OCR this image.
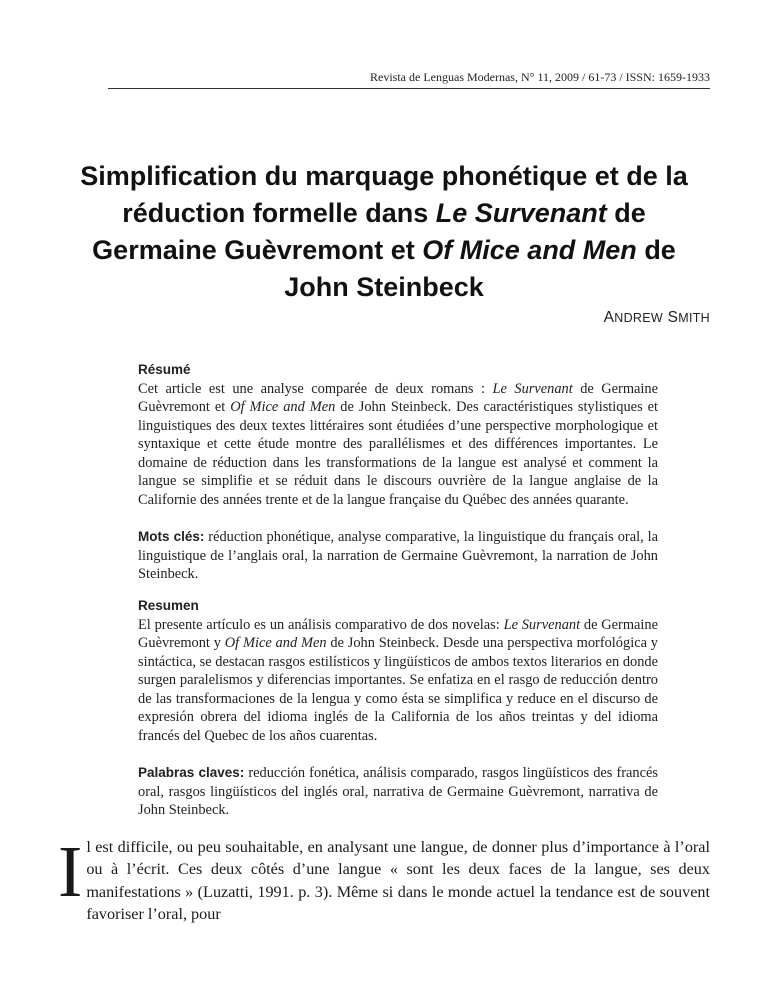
Revista de Lenguas Modernas, N° 11, 2009 / 61-73 / ISSN: 1659-1933
Simplification du marquage phonétique et de la réduction formelle dans Le Survenant de Germaine Guèvremont et Of Mice and Men de John Steinbeck
ANDREW SMITH
Résumé
Cet article est une analyse comparée de deux romans : Le Survenant de Germaine Guèvremont et Of Mice and Men de John Steinbeck. Des caractéristiques stylistiques et linguistiques des deux textes littéraires sont étudiées d’une perspective morphologique et syntaxique et cette étude montre des parallélismes et des différences importantes. Le domaine de réduction dans les transformations de la langue est analysé et comment la langue se simplifie et se réduit dans le discours ouvrière de la langue anglaise de la Californie des années trente et de la langue française du Québec des années quarante.
Mots clés: réduction phonétique, analyse comparative, la linguistique du français oral, la linguistique de l’anglais oral, la narration de Germaine Guèvremont, la narration de John Steinbeck.
Resumen
El presente artículo es un análisis comparativo de dos novelas: Le Survenant de Germaine Guèvremont y Of Mice and Men de John Steinbeck. Desde una perspectiva morfológica y sintáctica, se destacan rasgos estilísticos y lingüísticos de ambos textos literarios en donde surgen paralelismos y diferencias importantes. Se enfatiza en el rasgo de reducción dentro de las transformaciones de la lengua y como ésta se simplifica y reduce en el discurso de expresión obrera del idioma inglés de la California de los años treintas y del idioma francés del Quebec de los años cuarentas.
Palabras claves: reducción fonética, análisis comparado, rasgos lingüísticos des francés oral, rasgos lingüísticos del inglés oral, narrativa de Germaine Guèvremont, narrativa de John Steinbeck.
Il est difficile, ou peu souhaitable, en analysant une langue, de donner plus d’importance à l’oral ou à l’écrit. Ces deux côtés d’une langue « sont les deux faces de la langue, ses deux manifestations » (Luzatti, 1991. p. 3). Même si dans le monde actuel la tendance est de souvent favoriser l’oral, pour
